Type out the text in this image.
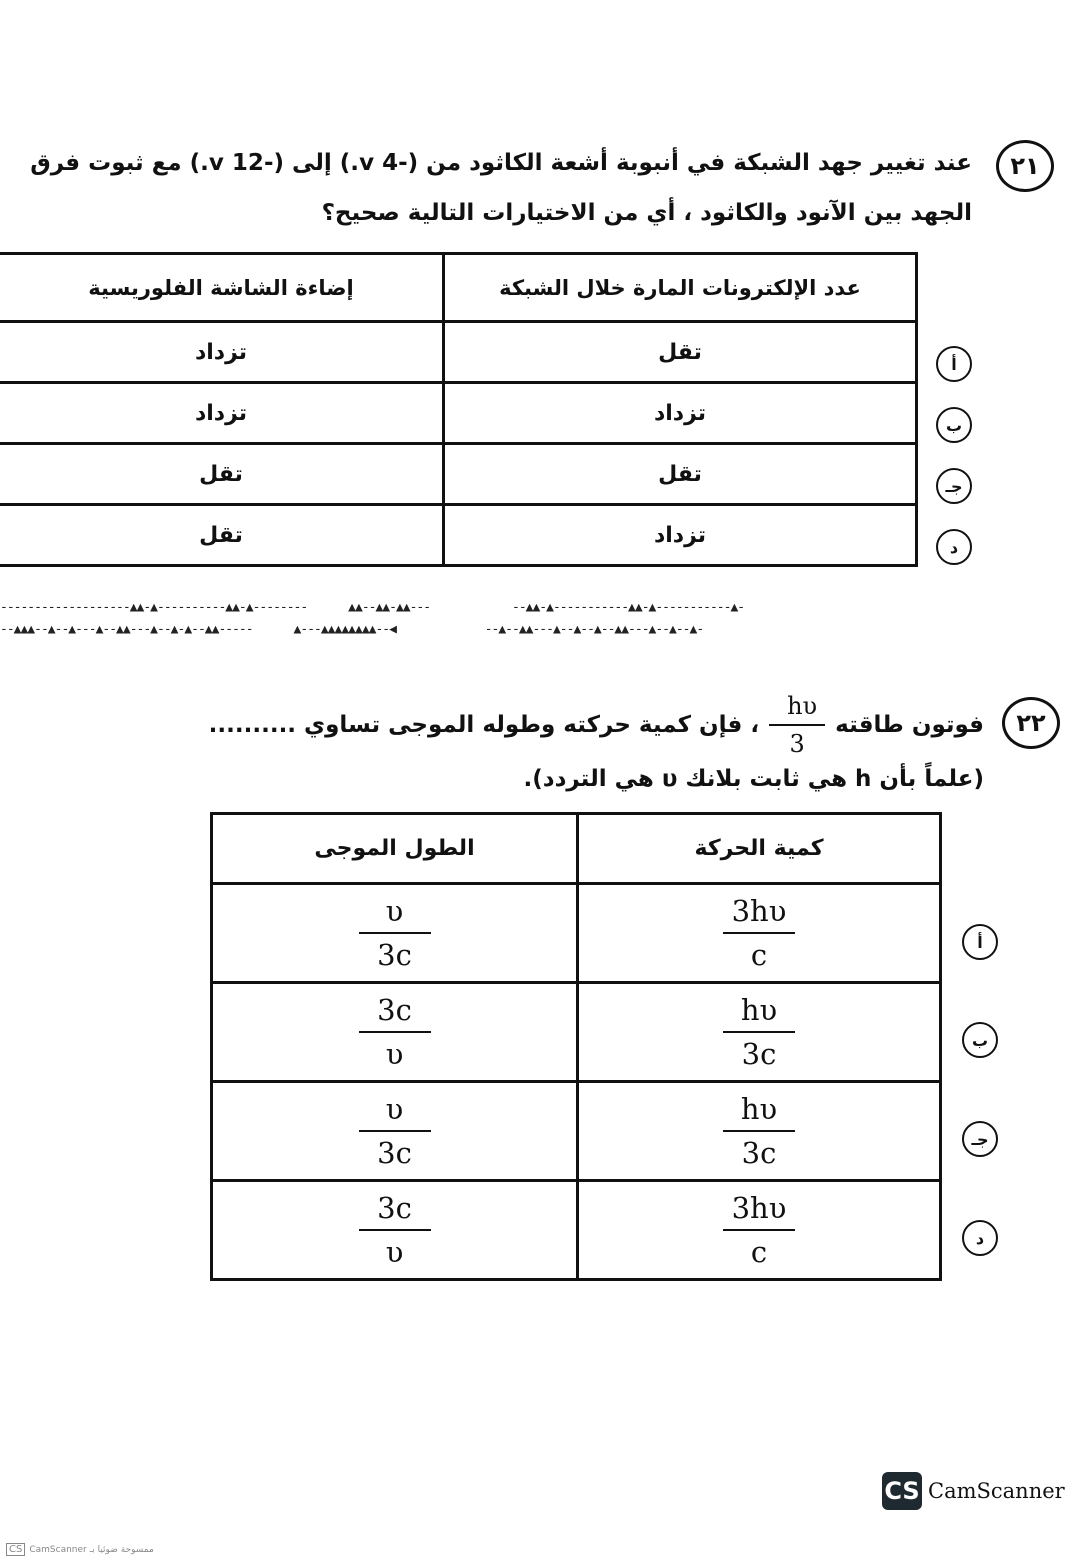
٢١
عند تغيير جهد الشبكة في أنبوبة أشعة الكاثود من (-4 v.) إلى (-12 v.) مع ثبوت فرق
الجهد بين الآنود والكاثود ، أي من الاختيارات التالية صحيح؟
عدد الإلكترونات المارة خلال الشبكة	إضاءة الشاشة الفلوريسية
تقل	تزداد
تزداد	تزداد
تقل	تقل
تزداد	تقل
أ
ب
جـ
د
----‐‐‐------------▲▲-▲----------▲▲-▲--------      ▲▲--▲▲-▲▲---            --▲▲-▲-----------▲▲-▲-----------▲-
--▲▲▲--▲--▲---▲--▲▲---▲--▲-▲--▲▲-----      ▲---▲▲▲▲▲▲▲▲--◀             --▲--▲▲---▲--▲--▲--▲▲---▲--▲--▲-
٢٢
فوتون طاقته
$\frac{h\upsilon}{3}$
، فإن كمية حركته وطوله الموجى تساوي ..........
(علماً بأن h هي ثابت بلانك υ هي التردد).
كمية الحركة	الطول الموجى

$\frac{3h\upsilon}{c}$	$\frac{\upsilon}{3c}$

$\frac{h\upsilon}{3c}$	$\frac{3c}{\upsilon}$

$\frac{h\upsilon}{3c}$	$\frac{\upsilon}{3c}$

$\frac{3h\upsilon}{c}$	$\frac{3c}{\upsilon}$
أ
ب
جـ
د
CS CamScanner
CS CamScanner ممسوحة ضوئيا بـ
